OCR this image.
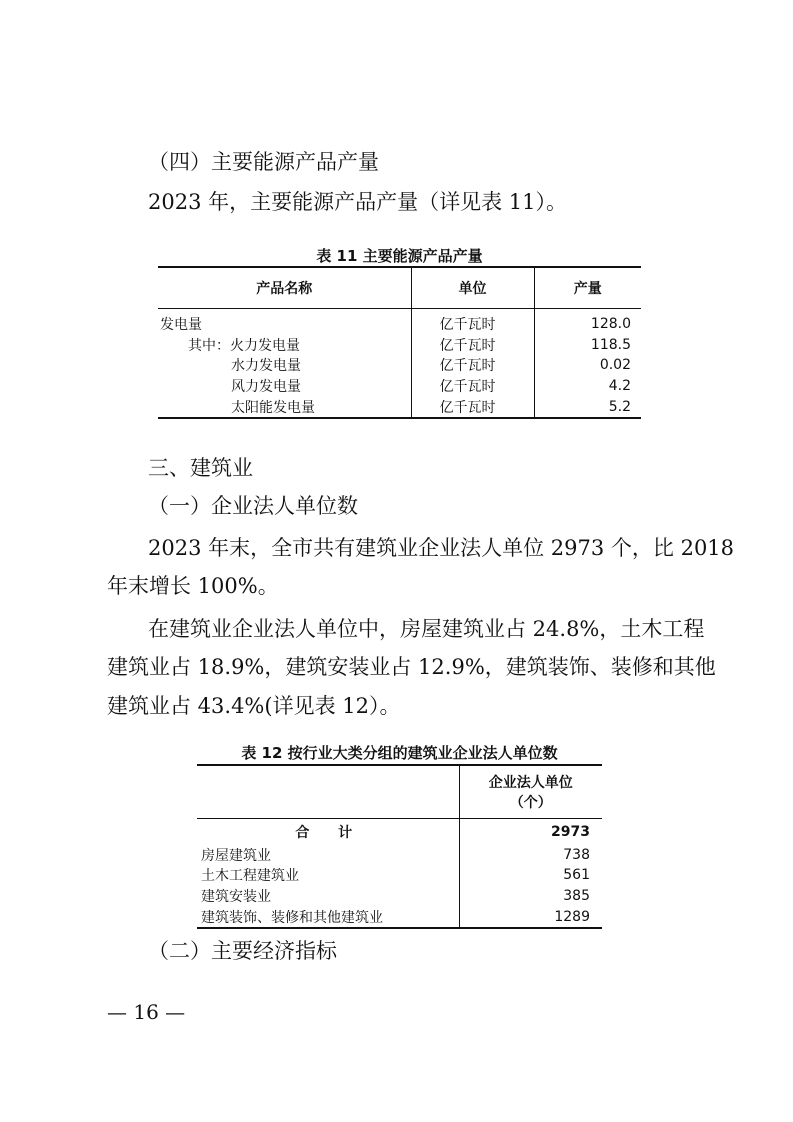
（四）主要能源产品产量
2023 年，主要能源产品产量（详见表 11）。
表 11 主要能源产品产量
产品名称	单位	产量
发电量	亿千瓦时	128.0
其中：火力发电量	亿千瓦时	118.5
水力发电量	亿千瓦时	0.02
风力发电量	亿千瓦时	4.2
太阳能发电量	亿千瓦时	5.2
三、建筑业
（一）企业法人单位数
2023 年末，全市共有建筑业企业法人单位 2973 个，比 2018
年末增长 100%。
在建筑业企业法人单位中，房屋建筑业占 24.8%，土木工程
建筑业占 18.9%，建筑安装业占 12.9%，建筑装饰、装修和其他
建筑业占 43.4%(详见表 12）。
表 12 按行业大类分组的建筑业企业法人单位数

	企业法人单位
（个）

合 计	2973
房屋建筑业	738
土木工程建筑业	561
建筑安装业	385
建筑装饰、装修和其他建筑业	1289
（二）主要经济指标
— 16 —
